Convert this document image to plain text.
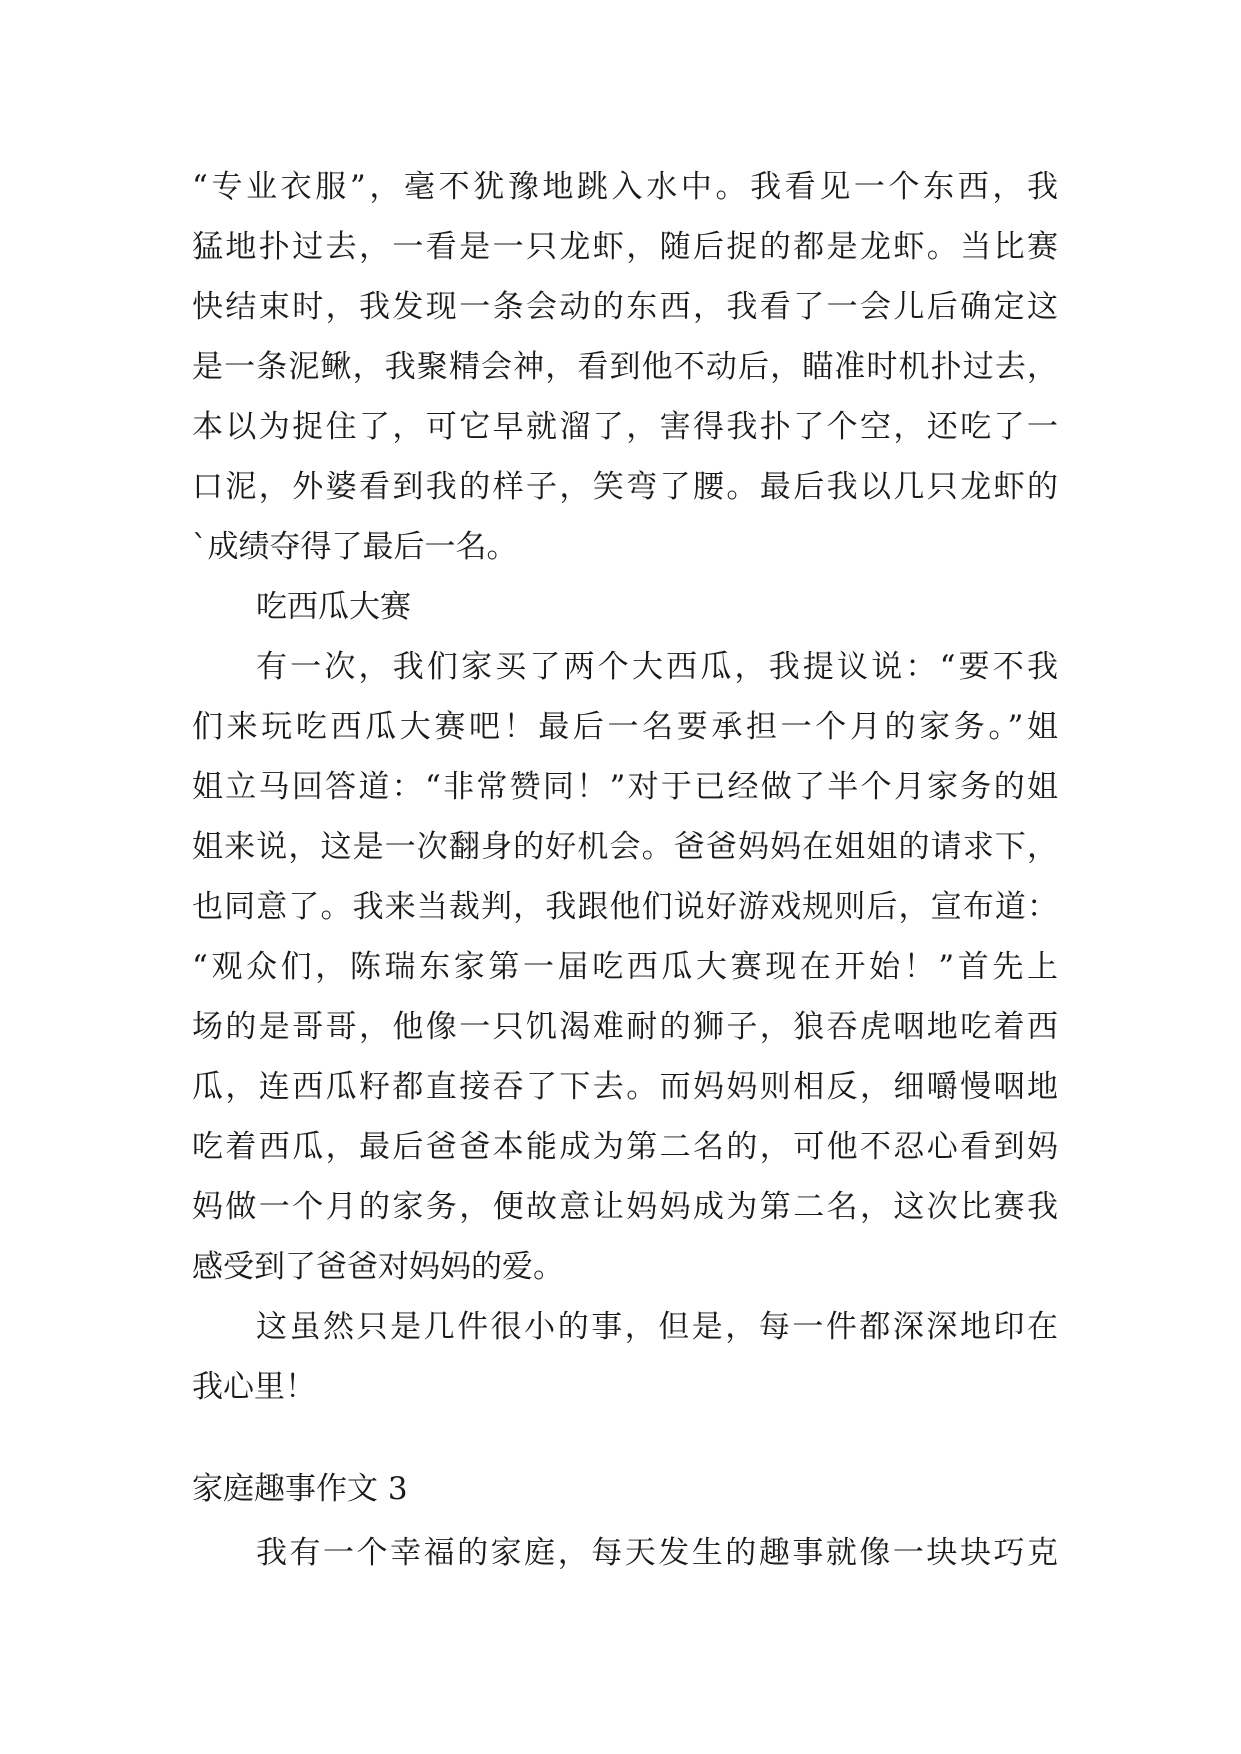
“专业衣服”，毫不犹豫地跳入水中。我看见一个东西，我
猛地扑过去，一看是一只龙虾，随后捉的都是龙虾。当比赛
快结束时，我发现一条会动的东西，我看了一会儿后确定这
是一条泥鳅，我聚精会神，看到他不动后，瞄准时机扑过去，
本以为捉住了，可它早就溜了，害得我扑了个空，还吃了一
口泥，外婆看到我的样子，笑弯了腰。最后我以几只龙虾的
`成绩夺得了最后一名。
吃西瓜大赛
有一次，我们家买了两个大西瓜，我提议说：“要不我
们来玩吃西瓜大赛吧！最后一名要承担一个月的家务。”姐
姐立马回答道：“非常赞同！”对于已经做了半个月家务的姐
姐来说，这是一次翻身的好机会。爸爸妈妈在姐姐的请求下，
也同意了。我来当裁判，我跟他们说好游戏规则后，宣布道：
“观众们，陈瑞东家第一届吃西瓜大赛现在开始！”首先上
场的是哥哥，他像一只饥渴难耐的狮子，狼吞虎咽地吃着西
瓜，连西瓜籽都直接吞了下去。而妈妈则相反，细嚼慢咽地
吃着西瓜，最后爸爸本能成为第二名的，可他不忍心看到妈
妈做一个月的家务，便故意让妈妈成为第二名，这次比赛我
感受到了爸爸对妈妈的爱。
这虽然只是几件很小的事，但是，每一件都深深地印在
我心里！
家庭趣事作文 3
我有一个幸福的家庭，每天发生的趣事就像一块块巧克
